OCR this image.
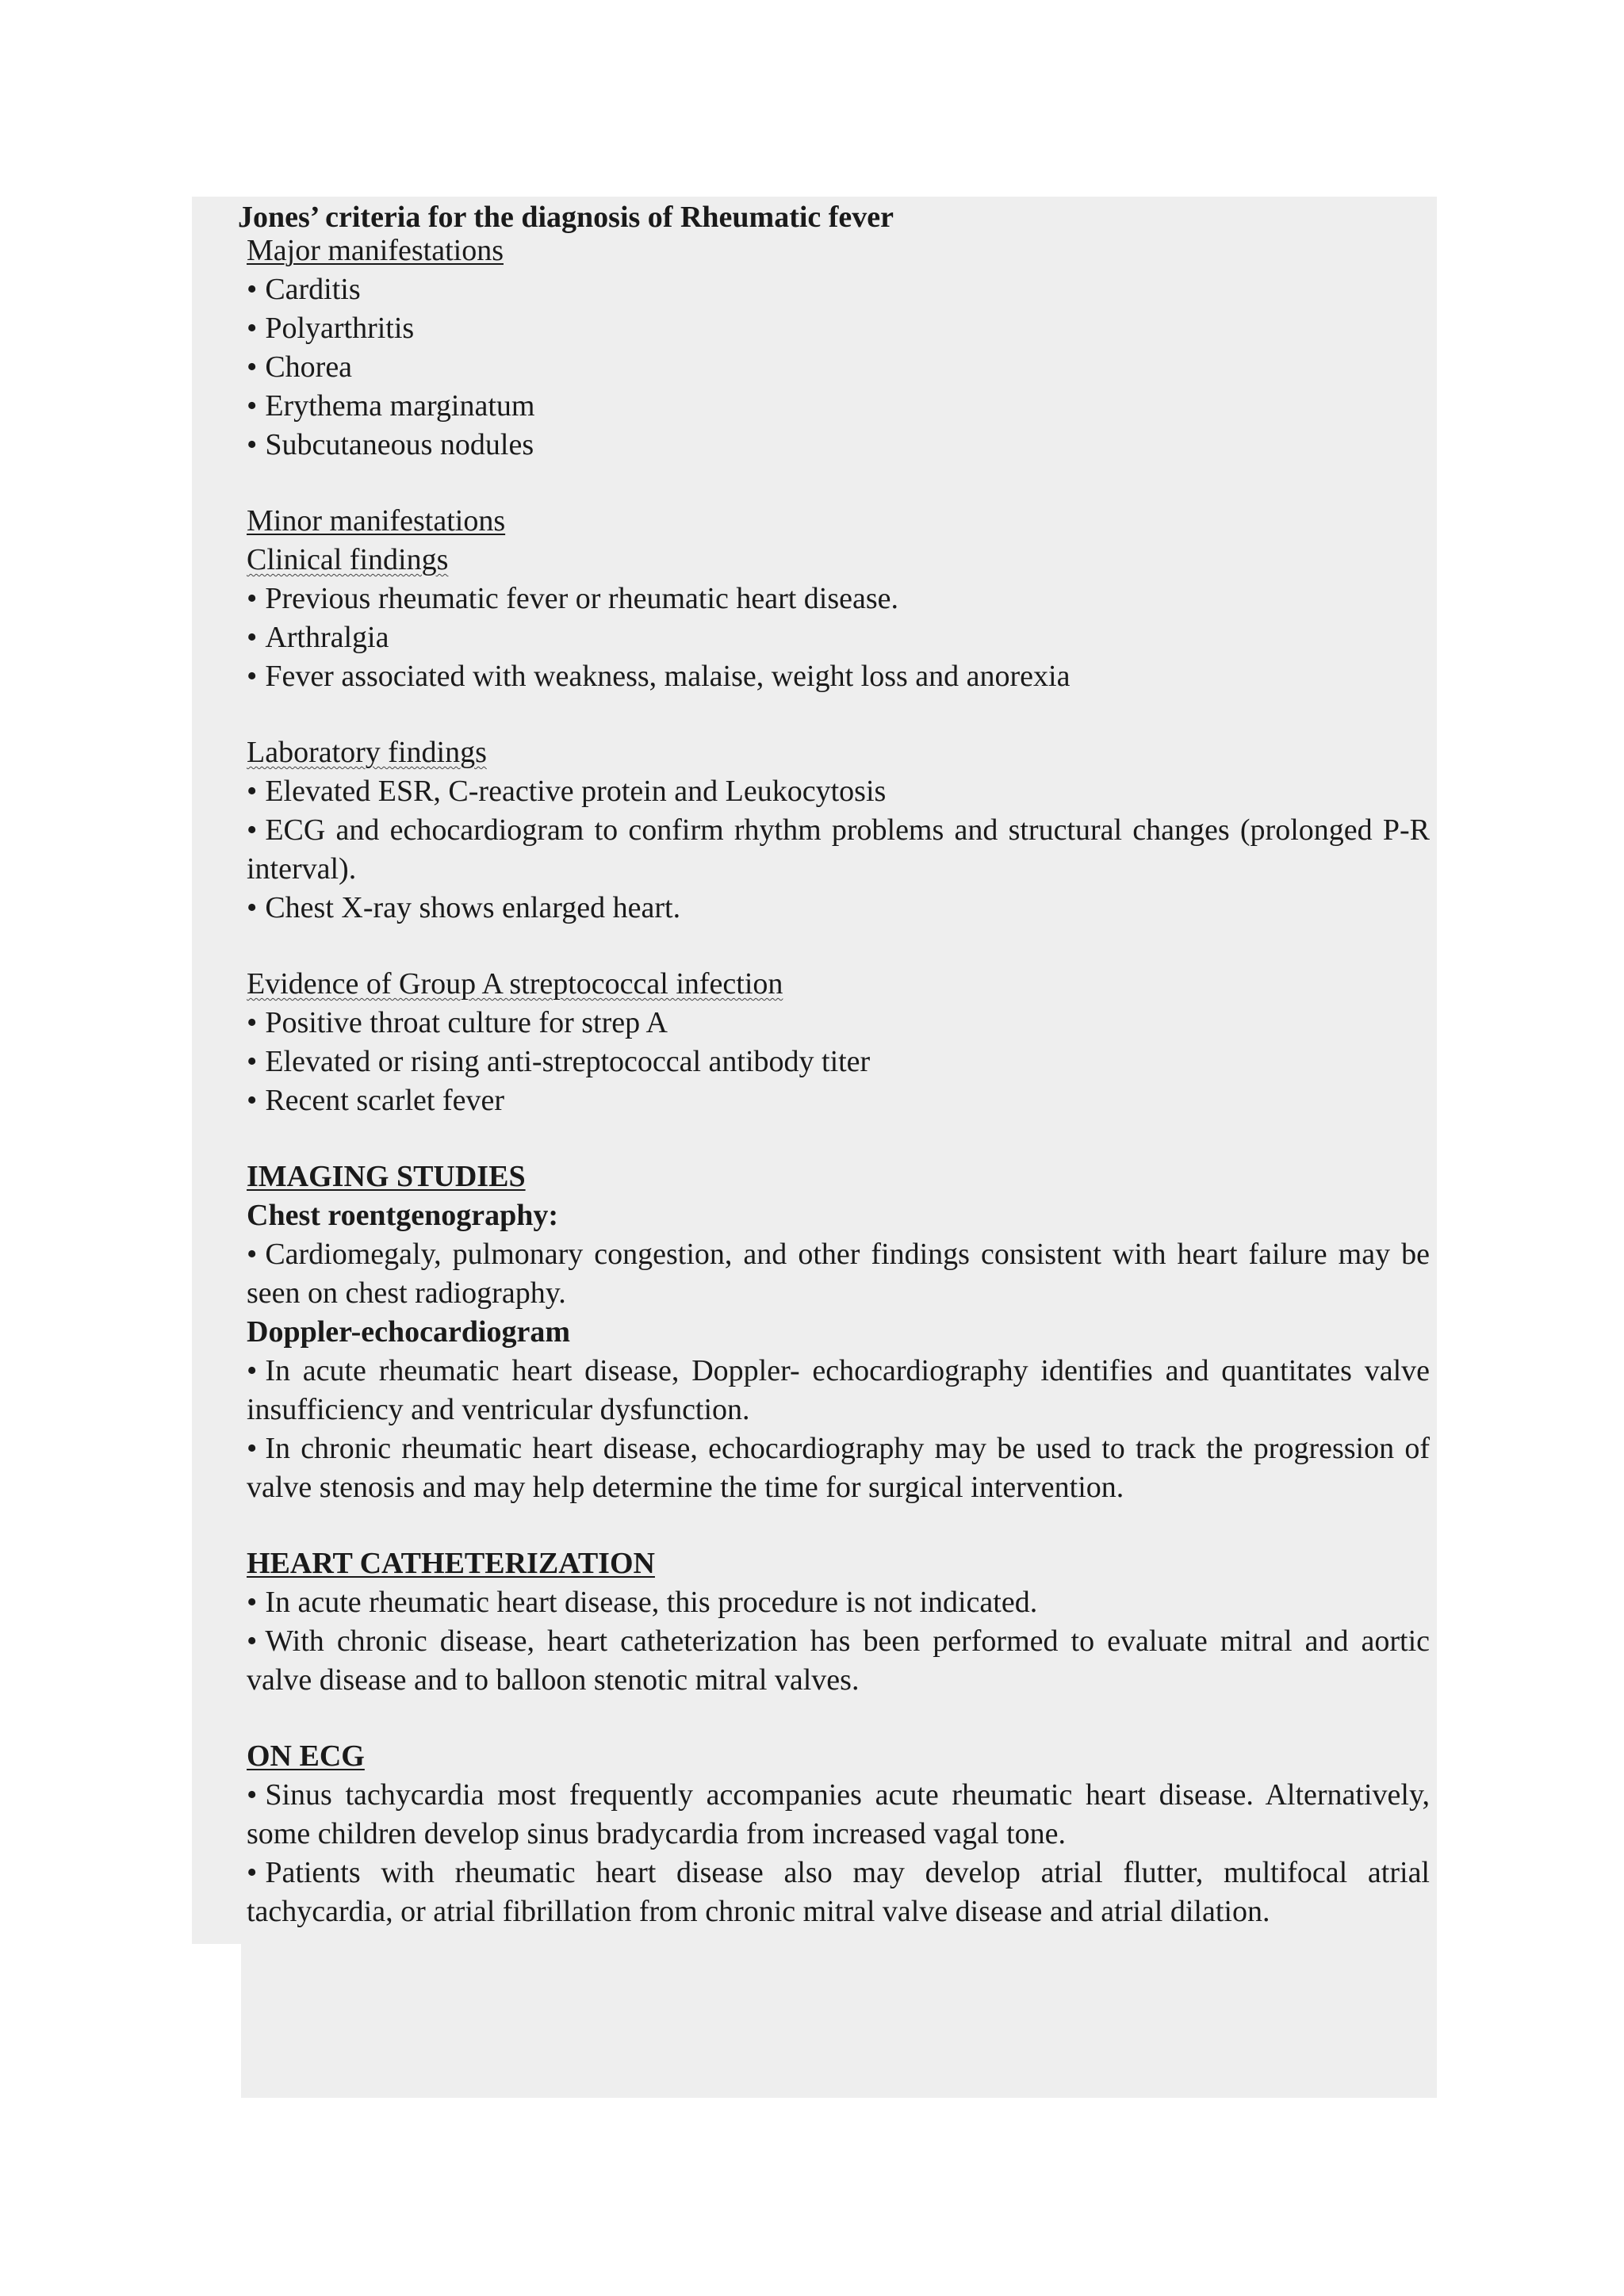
Jones’ criteria for the diagnosis of Rheumatic fever
Major manifestations
• Carditis
• Polyarthritis
• Chorea
• Erythema marginatum
• Subcutaneous nodules
Minor manifestations
Clinical findings
• Previous rheumatic fever or rheumatic heart disease.
• Arthralgia
• Fever associated with weakness, malaise, weight loss and anorexia
Laboratory findings
• Elevated ESR, C-reactive protein and Leukocytosis
• ECG and echocardiogram to confirm rhythm problems and structural changes (prolonged P-R interval).
• Chest X-ray shows enlarged heart.
Evidence of Group A streptococcal infection
• Positive throat culture for strep A
• Elevated or rising anti-streptococcal antibody titer
• Recent scarlet fever
IMAGING STUDIES
Chest roentgenography:
• Cardiomegaly, pulmonary congestion, and other findings consistent with heart failure may be seen on chest radiography.
Doppler-echocardiogram
• In acute rheumatic heart disease, Doppler- echocardiography identifies and quantitates valve insufficiency and ventricular dysfunction.
• In chronic rheumatic heart disease, echocardiography may be used to track the progression of valve stenosis and may help determine the time for surgical intervention.
HEART CATHETERIZATION
• In acute rheumatic heart disease, this procedure is not indicated.
• With chronic disease, heart catheterization has been performed to evaluate mitral and aortic valve disease and to balloon stenotic mitral valves.
ON ECG
• Sinus tachycardia most frequently accompanies acute rheumatic heart disease. Alternatively, some children develop sinus bradycardia from increased vagal tone.
• Patients with rheumatic heart disease also may develop atrial flutter, multifocal atrial tachycardia, or atrial fibrillation from chronic mitral valve disease and atrial dilation.
